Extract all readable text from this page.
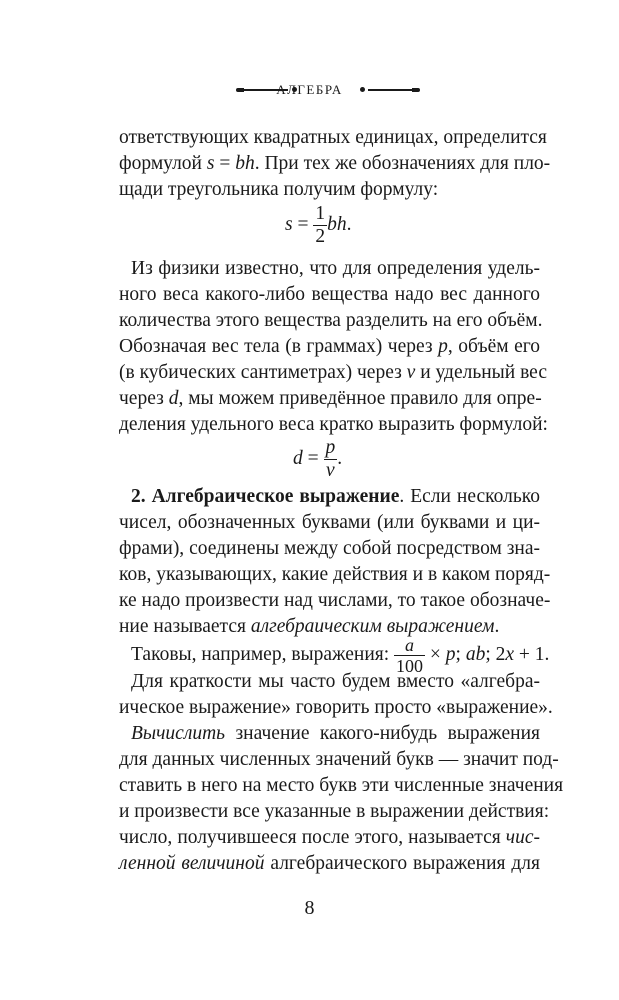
АЛГЕБРА
ответствующих квадратных единицах, определится
формулой s = bh. При тех же обозначениях для пло-
щади треугольника получим формулу:
$s = \frac{1}{2}$ bh.
Из физики известно, что для определения удель-
ного веса какого-либо вещества надо вес данного
количества этого вещества разделить на его объём.
Обозначая вес тела (в граммах) через p, объём его
(в кубических сантиметрах) через v и удельный вес
через d, мы можем приведённое правило для опре-
деления удельного веса кратко выразить формулой:
$d = \frac{p}{v}$ .
2. Алгебраическое выражение. Если несколько
чисел, обозначенных буквами (или буквами и ци-
фрами), соединены между собой посредством зна-
ков, указывающих, какие действия и в каком поряд-
ке надо произвести над числами, то такое обозначе-
ние называется алгебраическим выражением.
Таковы, например, выражения: $\frac{a}{100} \times p$; ab; 2x + 1.
Для краткости мы часто будем вместо «алгебра-
ическое выражение» говорить просто «выражение».
Вычислить значение какого-нибудь выражения
для данных численных значений букв — значит под-
ставить в него на место букв эти численные значения
и произвести все указанные в выражении действия:
число, получившееся после этого, называется чис-
ленной величиной алгебраического выражения для
8
